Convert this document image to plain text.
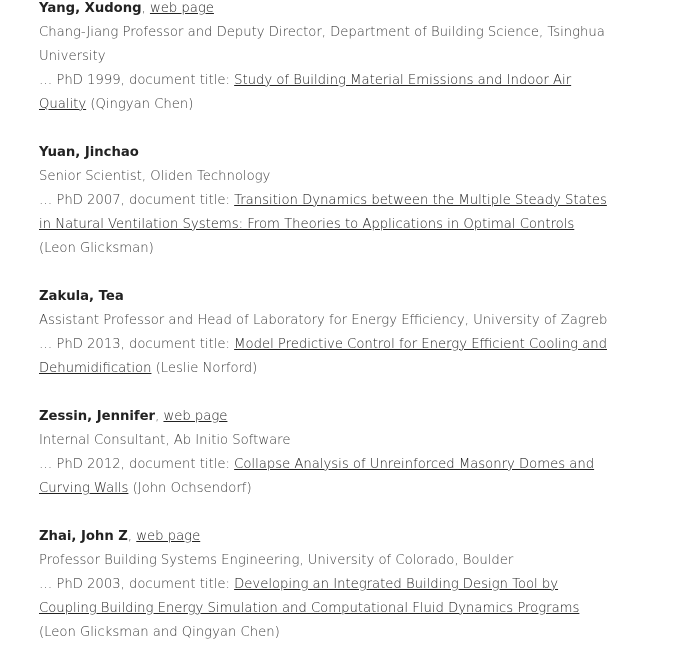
Yang, Xudong, web page
Chang-Jiang Professor and Deputy Director, Department of Building Science, Tsinghua University
… PhD 1999, document title: Study of Building Material Emissions and Indoor Air Quality (Qingyan Chen)
Yuan, Jinchao
Senior Scientist, Oliden Technology
… PhD 2007, document title: Transition Dynamics between the Multiple Steady States in Natural Ventilation Systems: From Theories to Applications in Optimal Controls (Leon Glicksman)
Zakula, Tea
Assistant Professor and Head of Laboratory for Energy Efficiency, University of Zagreb
… PhD 2013, document title: Model Predictive Control for Energy Efficient Cooling and Dehumidification (Leslie Norford)
Zessin, Jennifer, web page
Internal Consultant, Ab Initio Software
… PhD 2012, document title: Collapse Analysis of Unreinforced Masonry Domes and Curving Walls (John Ochsendorf)
Zhai, John Z, web page
Professor Building Systems Engineering, University of Colorado, Boulder
… PhD 2003, document title: Developing an Integrated Building Design Tool by Coupling Building Energy Simulation and Computational Fluid Dynamics Programs (Leon Glicksman and Qingyan Chen)
